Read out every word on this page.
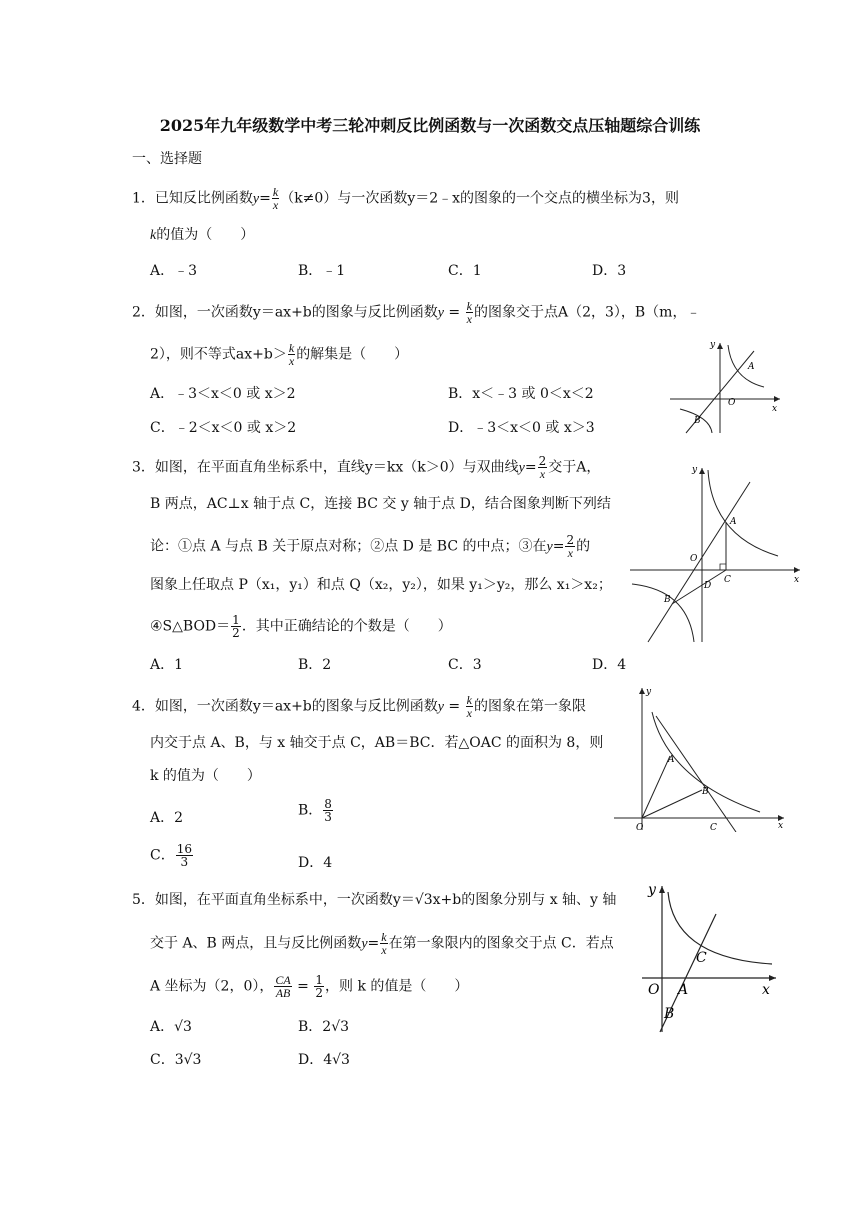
2025年九年级数学中考三轮冲刺反比例函数与一次函数交点压轴题综合训练
一、选择题
1．已知反比例函数$y= \frac{k}{x} (k\ne 0)$与一次函数y＝2﹣x的图象的一个交点的横坐标为3，则
k的值为（　　）
A．﹣3	B．﹣1	C．1	D．3
2．如图，一次函数y＝ax+b的图象与反比例函数$y = \frac{k}{x}$ 的图象交于点A（2，3），B（m，﹣
2），则不等式$ax+b> \frac{k}{x}$ 的解集是（　　）
A．﹣3＜x＜0 或 x＞2	B．x＜﹣3 或 0＜x＜2
C．﹣2＜x＜0 或 x＞2	D．﹣3＜x＜0 或 x＞3
y
x
O
A
B
3．如图，在平面直角坐标系中，直线y＝kx（k＞0）与双曲线$y= \frac{2}{x}$ 交于A，
B 两点，AC⊥x 轴于点 C，连接 BC 交 y 轴于点 D，结合图象判断下列结
论：①点 A 与点 B 关于原点对称；②点 D 是 BC 的中点；③在$y= \frac{2}{x}$ 的
图象上任取点 P（x₁，y₁）和点 Q（x₂，y₂），如果 y₁＞y₂，那么 x₁＞x₂；
④S△BOD＝ $\frac{1}{2}$ ．其中正确结论的个数是（　　）
A．1	B．2	C．3	D．4
y
x
O
A
B
C
D
4．如图，一次函数y＝ax+b的图象与反比例函数$y = \frac{k}{x}$ 的图象在第一象限
内交于点 A、B，与 x 轴交于点 C，AB＝BC．若△OAC 的面积为 8，则
k 的值为（　　）
A．2	B． $\frac{8}{3}$
C． $\frac{16}{3}$	D．4
y
x
O
A
B
C
5．如图，在平面直角坐标系中，一次函数y＝√3x+b的图象分别与 x 轴、y 轴
交于 A、B 两点，且与反比例函数$y= \frac{k}{x}$ 在第一象限内的图象交于点 C．若点
A 坐标为（2，0）， $\frac{CA}{AB} = \frac{1}{2}$ ，则 k 的值是（　　）
A．√3	B．2√3
C．3√3	D．4√3
y
x
O A
B
C
